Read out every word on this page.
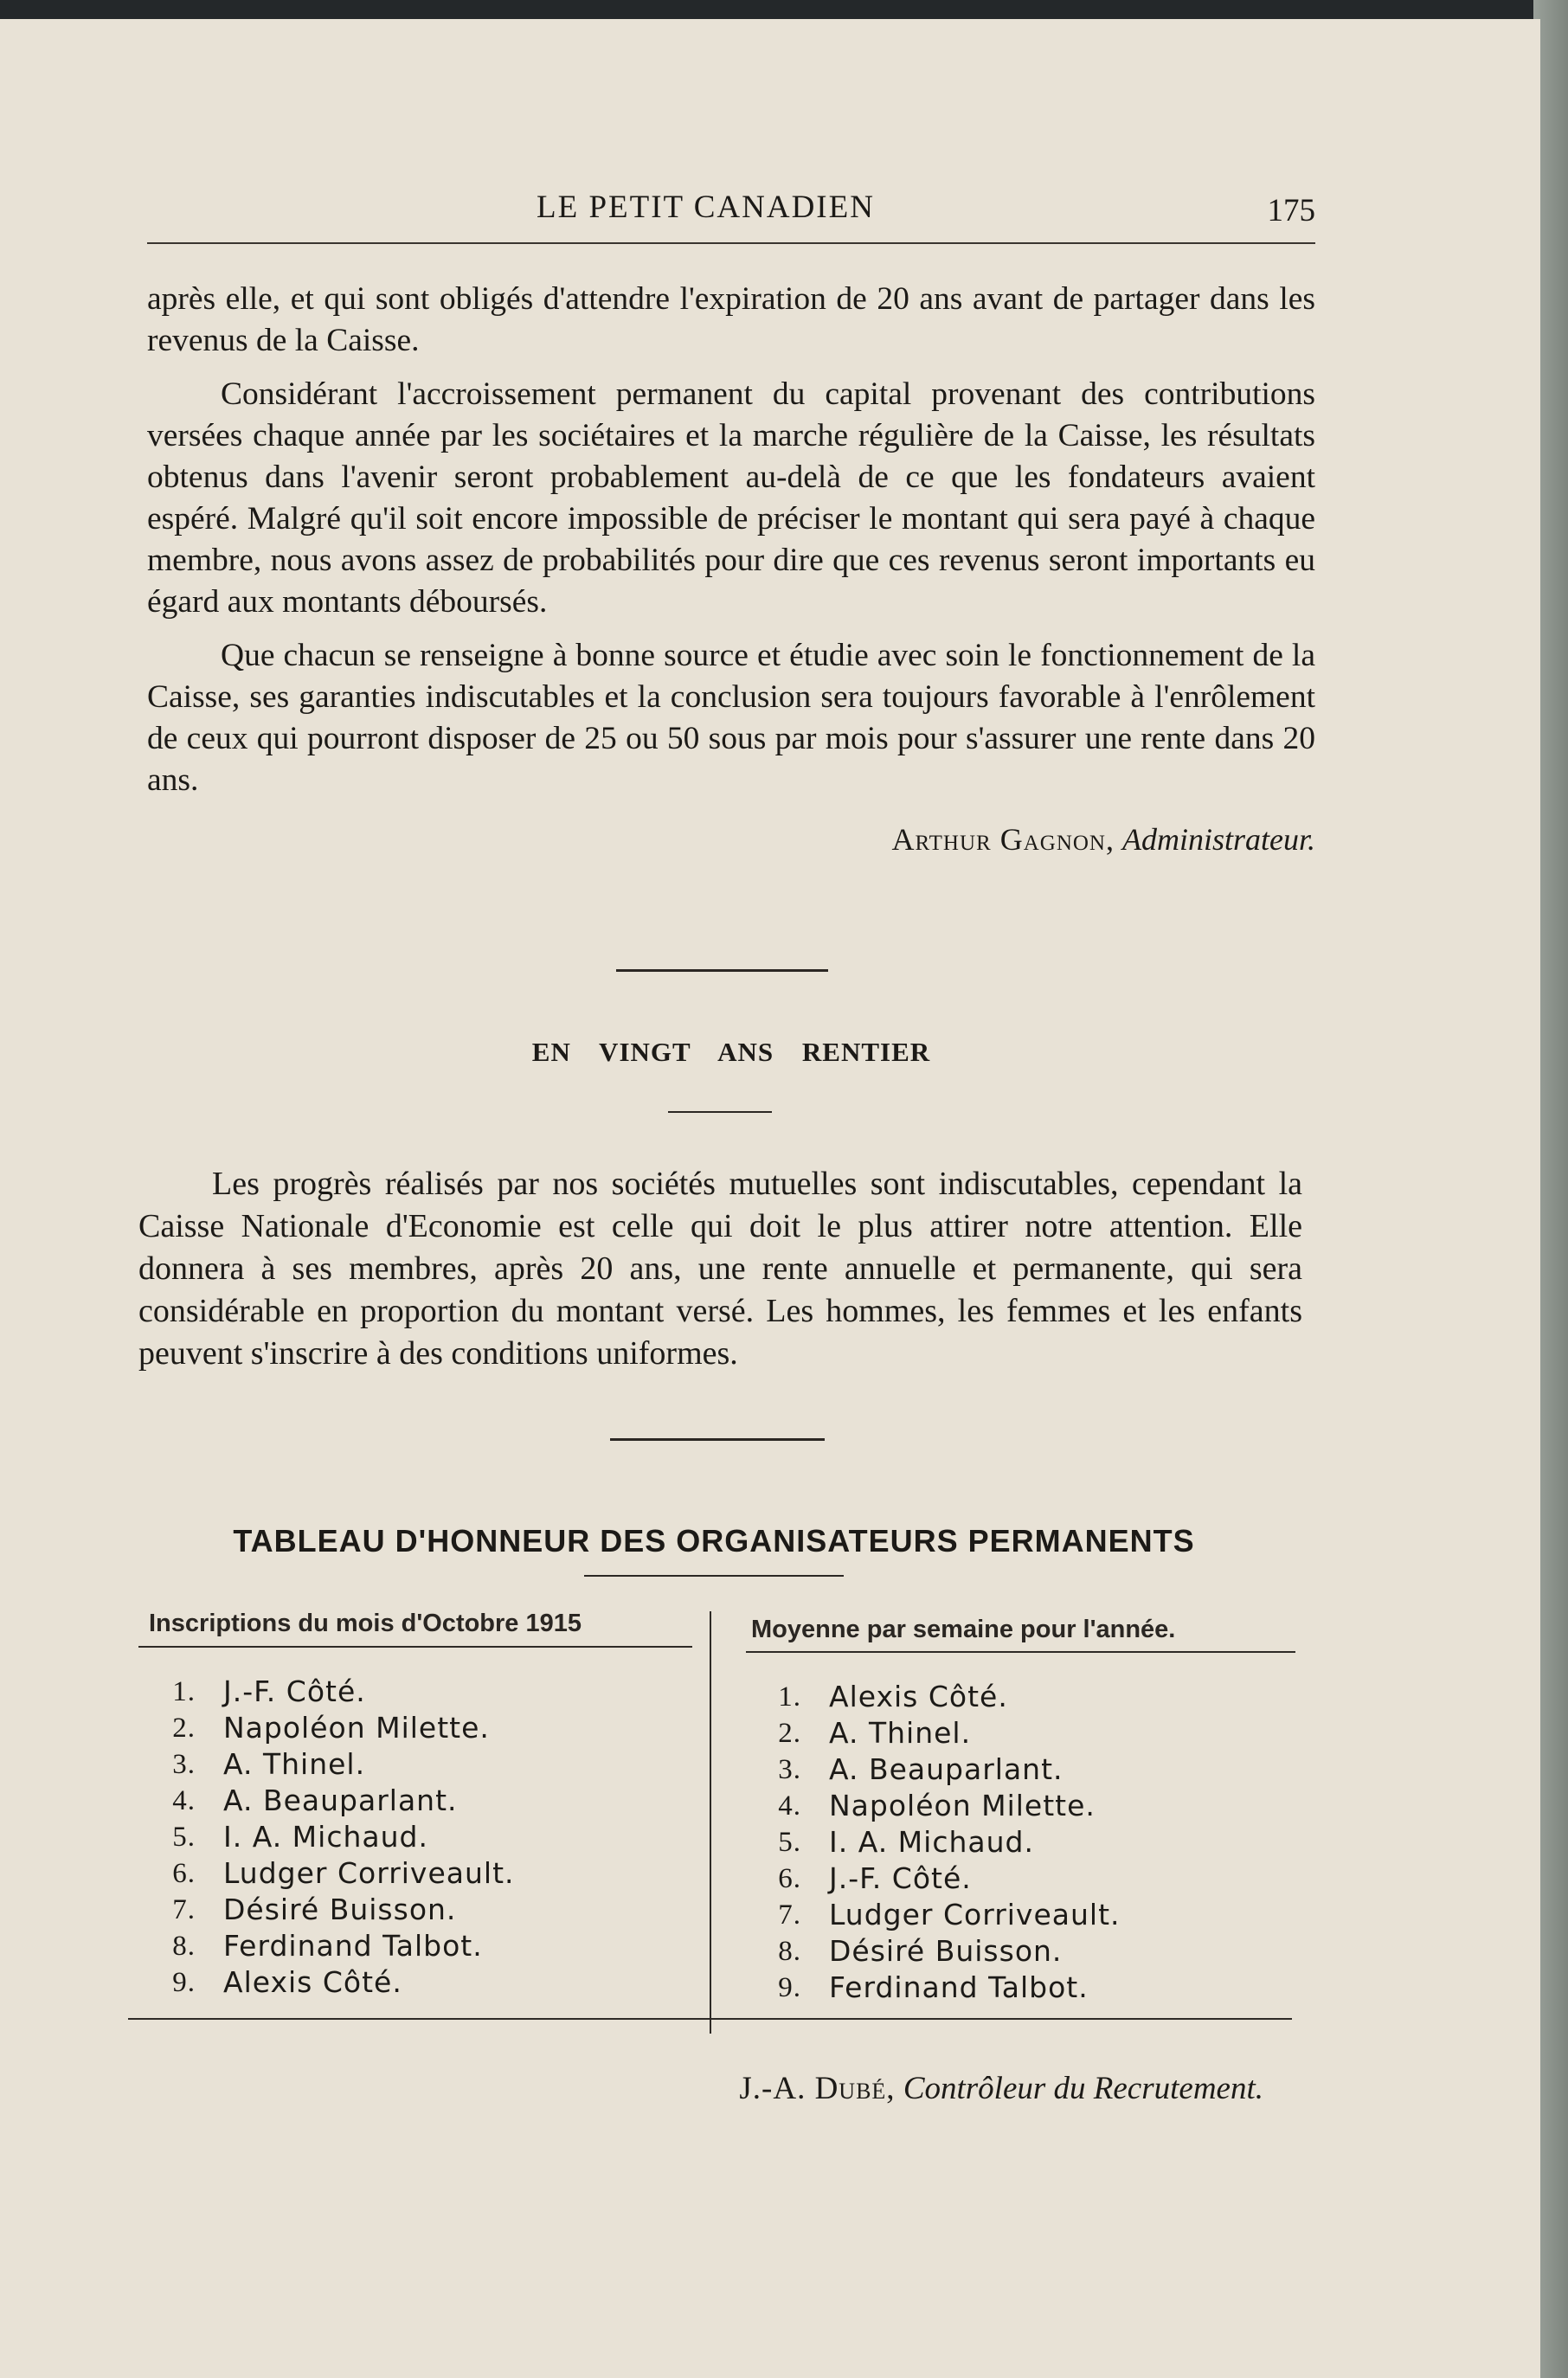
LE PETIT CANADIEN	175

après elle, et qui sont obligés d'attendre l'expiration de 20 ans avant de partager dans les revenus de la Caisse.

Considérant l'accroissement permanent du capital provenant des contributions versées chaque année par les sociétaires et la marche régulière de la Caisse, les résultats obtenus dans l'avenir seront probablement au-delà de ce que les fondateurs avaient espéré. Malgré qu'il soit encore impossible de préciser le montant qui sera payé à chaque membre, nous avons assez de probabilités pour dire que ces revenus seront importants eu égard aux montants déboursés.

Que chacun se renseigne à bonne source et étudie avec soin le fonctionnement de la Caisse, ses garanties indiscutables et la conclusion sera toujours favorable à l'enrôlement de ceux qui pourront disposer de 25 ou 50 sous par mois pour s'assurer une rente dans 20 ans.

Arthur Gagnon, Administrateur.

EN VINGT ANS RENTIER

Les progrès réalisés par nos sociétés mutuelles sont indiscutables, cependant la Caisse Nationale d'Economie est celle qui doit le plus attirer notre attention. Elle donnera à ses membres, après 20 ans, une rente annuelle et permanente, qui sera considérable en proportion du montant versé. Les hommes, les femmes et les enfants peuvent s'inscrire à des conditions uniformes.

TABLEAU D'HONNEUR DES ORGANISATEURS PERMANENTS
Inscriptions du mois d'Octobre 1915	Moyenne par semaine pour l'année.
1. J.-F. Côté.
2. Napoléon Milette.
3. A. Thinel.
4. A. Beauparlant.
5. I. A. Michaud.
6. Ludger Corriveault.
7. Désiré Buisson.
8. Ferdinand Talbot.
9. Alexis Côté.
1. Alexis Côté.
2. A. Thinel.
3. A. Beauparlant.
4. Napoléon Milette.
5. I. A. Michaud.
6. J.-F. Côté.
7. Ludger Corriveault.
8. Désiré Buisson.
9. Ferdinand Talbot.
J.-A. Dubé, Contrôleur du Recrutement.
